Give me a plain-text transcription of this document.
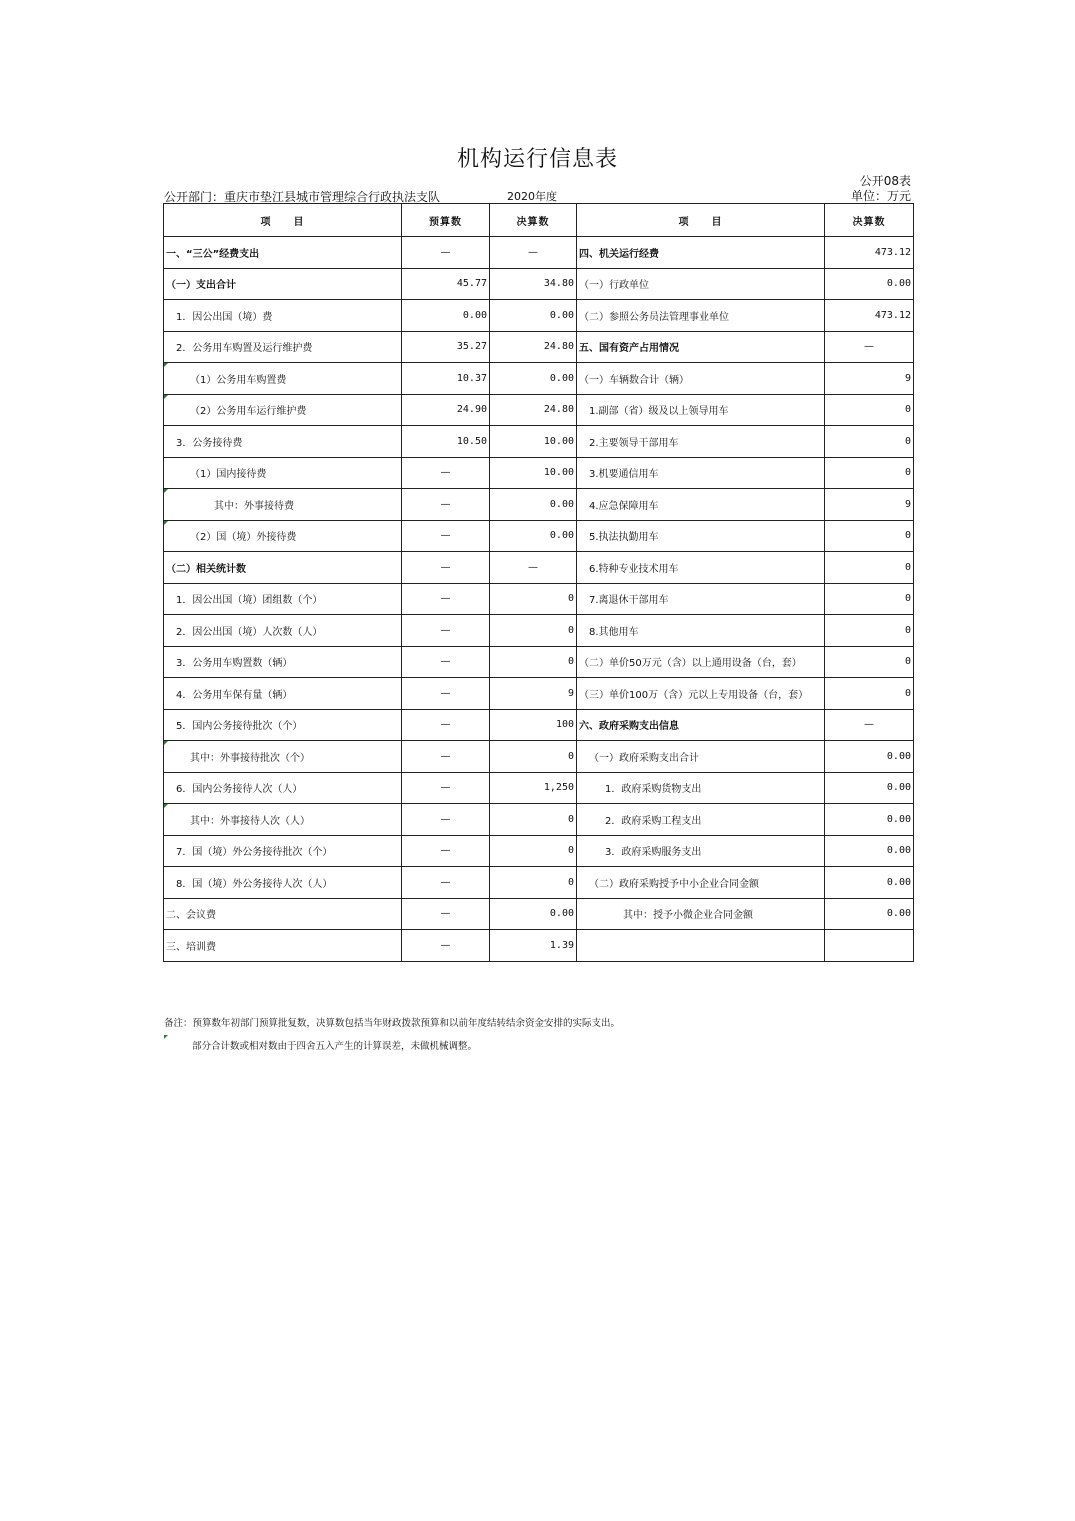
机构运行信息表
公开08表
公开部门：重庆市垫江县城市管理综合行政执法支队	2020年度	单位：万元
项　　目	预算数	决算数	项　　目	决算数
一、“三公”经费支出	—	—	四、机关运行经费	473.12
（一）支出合计	45.77	34.80	（一）行政单位	0.00
1．因公出国（境）费	0.00	0.00	（二）参照公务员法管理事业单位	473.12
2．公务用车购置及运行维护费	35.27	24.80	五、国有资产占用情况	—
（1）公务用车购置费	10.37	0.00	（一）车辆数合计（辆）	9
（2）公务用车运行维护费	24.90	24.80	1.副部（省）级及以上领导用车	0
3．公务接待费	10.50	10.00	2.主要领导干部用车	0
（1）国内接待费	—	10.00	3.机要通信用车	0
其中：外事接待费	—	0.00	4.应急保障用车	9
（2）国（境）外接待费	—	0.00	5.执法执勤用车	0
（二）相关统计数	—	—	6.特种专业技术用车	0
1．因公出国（境）团组数（个）	—	0	7.离退休干部用车	0
2．因公出国（境）人次数（人）	—	0	8.其他用车	0
3．公务用车购置数（辆）	—	0	（二）单价50万元（含）以上通用设备（台，套）	0
4．公务用车保有量（辆）	—	9	（三）单价100万（含）元以上专用设备（台，套）	0
5．国内公务接待批次（个）	—	100	六、政府采购支出信息	—
其中：外事接待批次（个）	—	0	（一）政府采购支出合计	0.00
6．国内公务接待人次（人）	—	1,250	1．政府采购货物支出	0.00
其中：外事接待人次（人）	—	0	2．政府采购工程支出	0.00
7．国（境）外公务接待批次（个）	—	0	3．政府采购服务支出	0.00
8．国（境）外公务接待人次（人）	—	0	（二）政府采购授予中小企业合同金额	0.00
二、会议费	—	0.00	其中：授予小微企业合同金额	0.00
三、培训费	—	1.39		
备注：预算数年初部门预算批复数，决算数包括当年财政拨款预算和以前年度结转结余资金安排的实际支出。
部分合计数或相对数由于四舍五入产生的计算误差，未做机械调整。
